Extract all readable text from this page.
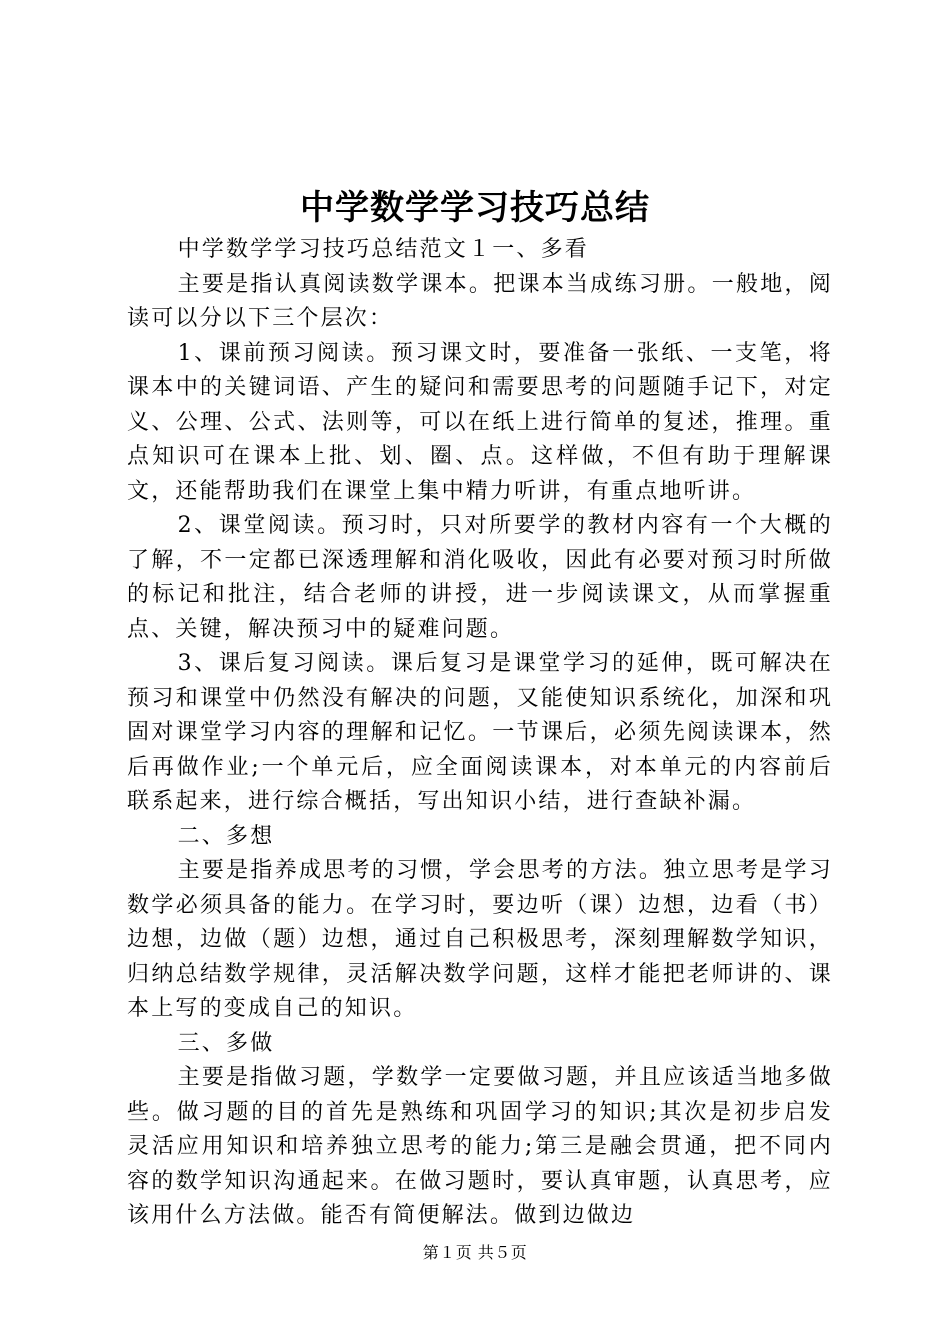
中学数学学习技巧总结

中学数学学习技巧总结范文１一、多看

主要是指认真阅读数学课本。把课本当成练习册。一般地，阅读可以分以下三个层次：

1、课前预习阅读。预习课文时，要准备一张纸、一支笔，将课本中的关键词语、产生的疑问和需要思考的问题随手记下，对定义、公理、公式、法则等，可以在纸上进行简单的复述，推理。重点知识可在课本上批、划、圈、点。这样做，不但有助于理解课文，还能帮助我们在课堂上集中精力听讲，有重点地听讲。

2、课堂阅读。预习时，只对所要学的教材内容有一个大概的了解，不一定都已深透理解和消化吸收，因此有必要对预习时所做的标记和批注，结合老师的讲授，进一步阅读课文，从而掌握重点、关键，解决预习中的疑难问题。

3、课后复习阅读。课后复习是课堂学习的延伸，既可解决在预习和课堂中仍然没有解决的问题，又能使知识系统化，加深和巩固对课堂学习内容的理解和记忆。一节课后，必须先阅读课本，然后再做作业;一个单元后，应全面阅读课本，对本单元的内容前后联系起来，进行综合概括，写出知识小结，进行查缺补漏。

二、多想

主要是指养成思考的习惯，学会思考的方法。独立思考是学习数学必须具备的能力。在学习时，要边听（课）边想，边看（书）边想，边做（题）边想，通过自己积极思考，深刻理解数学知识，归纳总结数学规律，灵活解决数学问题，这样才能把老师讲的、课本上写的变成自己的知识。

三、多做

主要是指做习题，学数学一定要做习题，并且应该适当地多做些。做习题的目的首先是熟练和巩固学习的知识;其次是初步启发灵活应用知识和培养独立思考的能力;第三是融会贯通，把不同内容的数学知识沟通起来。在做习题时，要认真审题，认真思考，应该用什么方法做。能否有简便解法。做到边做边

第１页 共５页
